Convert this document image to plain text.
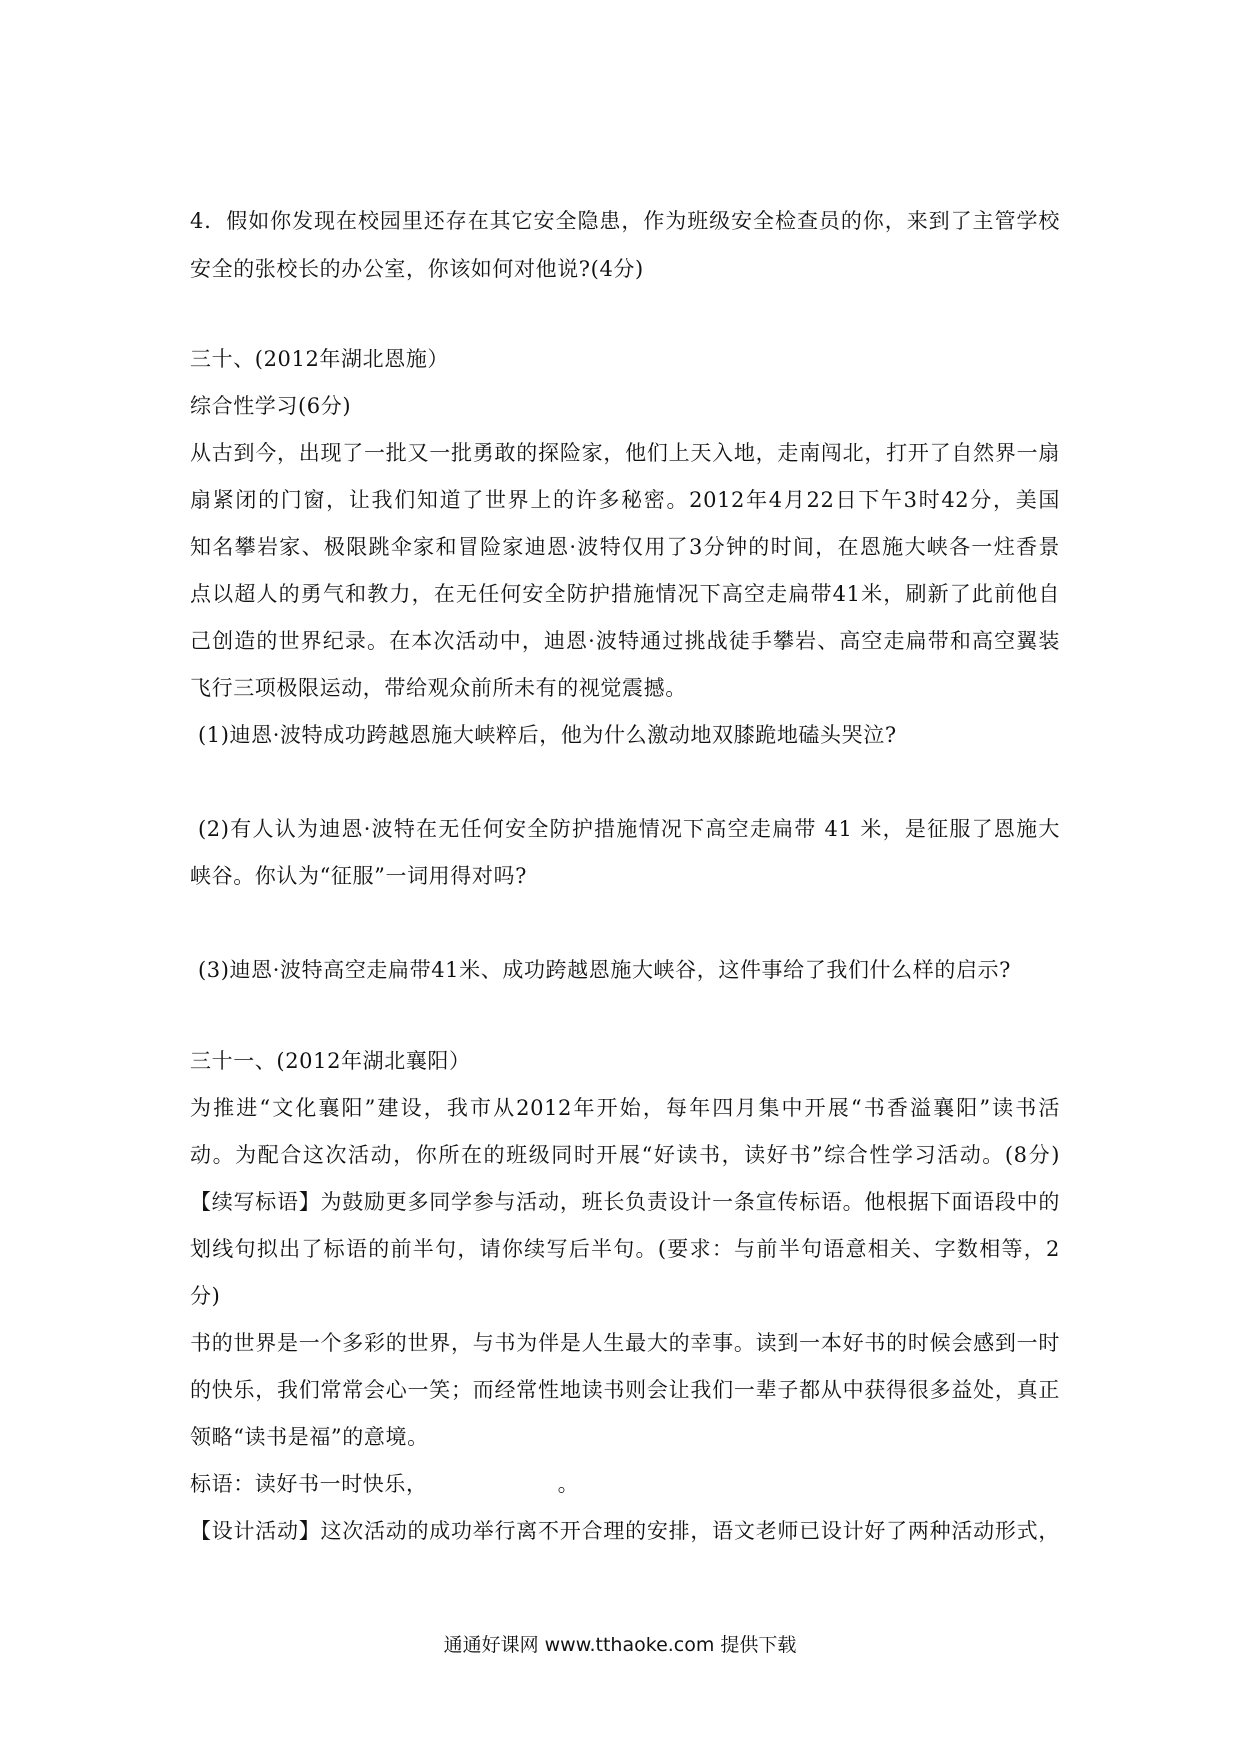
4．假如你发现在校园里还存在其它安全隐患，作为班级安全检查员的你，来到了主管学校
安全的张校长的办公室，你该如何对他说?(4分)
三十、(2012年湖北恩施）
综合性学习(6分)
从古到今，出现了一批又一批勇敢的探险家，他们上天入地，走南闯北，打开了自然界一扇
扇紧闭的门窗，让我们知道了世界上的许多秘密。2012年4月22日下午3时42分，美国
知名攀岩家、极限跳伞家和冒险家迪恩·波特仅用了3分钟的时间，在恩施大峡各一炷香景
点以超人的勇气和教力，在无任何安全防护措施情况下高空走扁带41米，刷新了此前他自
己创造的世界纪录。在本次活动中，迪恩·波特通过挑战徒手攀岩、高空走扁带和高空翼装
飞行三项极限运动，带给观众前所未有的视觉震撼。
(1)迪恩·波特成功跨越恩施大峡粹后，他为什么激动地双膝跪地磕头哭泣?
(2)有人认为迪恩·波特在无任何安全防护措施情况下高空走扁带 41 米，是征服了恩施大
峡谷。你认为“征服”一词用得对吗?
(3)迪恩·波特高空走扁带41米、成功跨越恩施大峡谷，这件事给了我们什么样的启示?
三十一、(2012年湖北襄阳）
为推进“文化襄阳”建设，我市从2012年开始，每年四月集中开展“书香溢襄阳”读书活
动。为配合这次活动，你所在的班级同时开展“好读书，读好书”综合性学习活动。(8分)
【续写标语】为鼓励更多同学参与活动，班长负责设计一条宣传标语。他根据下面语段中的
划线句拟出了标语的前半句，请你续写后半句。(要求：与前半句语意相关、字数相等，2
分)
书的世界是一个多彩的世界，与书为伴是人生最大的幸事。读到一本好书的时候会感到一时
的快乐，我们常常会心一笑；而经常性地读书则会让我们一辈子都从中获得很多益处，真正
领略“读书是福”的意境。
标语：读好书一时快乐，	。
【设计活动】这次活动的成功举行离不开合理的安排，语文老师已设计好了两种活动形式，
通通好课网 www.tthaoke.com 提供下载
